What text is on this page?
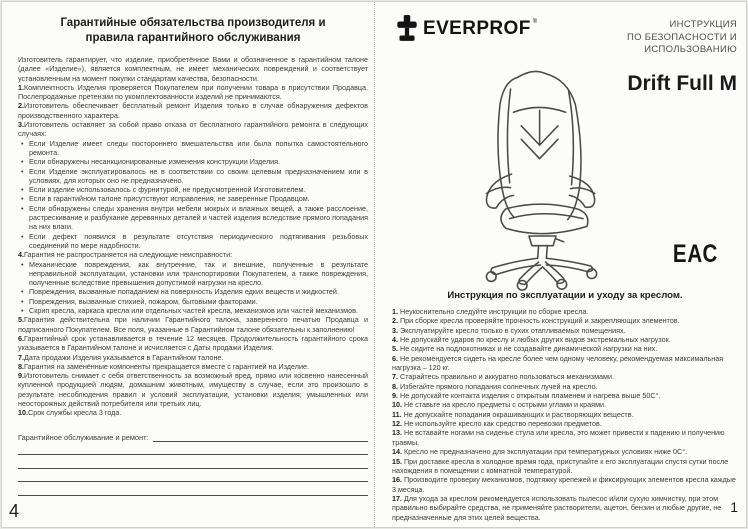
Гарантийные обязательства производителя и
правила гарантийного обслуживания
Изготовитель гарантирует, что изделие, приобретённое Вами и обозначенное в гарантийном талоне (далее «Изделие»), является комплектным, не имеет механических повреждений и соответствует установленным на момент покупки стандартам качества, безопасности.
1.Комплектность Изделия проверяется Покупателем при получении товара в присутствии Продавца. Послепродажные претензии по укомплектованности изделий не принимаются.
2.Изготовитель обеспечивает бесплатный ремонт Изделия только в случае обнаружения дефектов производственного характера.
3.Изготовитель оставляет за собой право отказа от бесплатного гарантийного ремонта в следующих случаях:
• Если Изделие имеет следы постороннего вмешательства или была попытка самостоятельного ремонта.
• Если обнаружены несанкционированные изменения конструкции Изделия.
• Если Изделие эксплуатировалось не в соответствии со своим целевым предназначением или в условиях, для которых оно не предназначено.
• Если изделие использовалось с фурнитурой, не предусмотренной Изготовителем.
• Если в гарантийном талоне присутствуют исправления, не заверенные Продавцом.
• Если обнаружены следы хранения внутри мебели мокрых и влажных вещей, а также расслоение, растрескивание и разбухание деревянных деталей и частей изделия вследствие прямого попадания на них влаги.
• Если дефект появился в результате отсутствия периодического подтягивания резьбовых соединений по мере надобности.
4.Гарантия не распространяется на следующие неисправности:
• Механические повреждения, как внутренние, так и внешние, полученные в результате неправильной эксплуатации, установки или транспортировки Покупателем, а также повреждения, полученные вследствие превышения допустимой нагрузки на кресло.
• Повреждения, вызванные попаданием на поверхность Изделия едких веществ и жидкостей.
• Повреждения, вызванные стихией, пожаром, бытовыми факторами.
• Скрип кресла, каркаса кресла или отдельных частей кресла, механизмов или частей механизмов.
5.Гарантия действительна при наличии Гарантийного талона, заверенного печатью Продавца и подписанного Покупателем. Все поля, указанные в Гарантийном талоне обязательны к заполнению!
6.Гарантийный срок устанавливается в течение 12 месяцев. Продолжительность гарантийного срока указывается в Гарантийном талоне и исчисляется с Даты продажи Изделия.
7.Дата продажи Изделия указывается в Гарантийном талоне.
8.Гарантия на заменённые компоненты прекращается вместе с гарантией на Изделие.
9.Изготовитель снимает с себя ответственность за возможный вред, прямо или косвенно нанесенный купленной продукцией людям, домашним животным, имуществу в случае, если это произошло в результате несоблюдения правил и условий эксплуатации, установки изделия; умышленных или неосторожных действий потребителя или третьих лиц.
10.Срок службы кресла 3 года.
Гарантийное обслуживание и ремонт:
4
EVERPROF ®	ИНСТРУКЦИЯ
ПО БЕЗОПАСНОСТИ И
ИСПОЛЬЗОВАНИЮ
Drift Full M
ЕАС
Инструкция по эксплуатации и уходу за креслом.
1. Неукоснительно следуйте инструкции по сборке кресла.
2. При сборке кресла проверяйте прочность конструкций и закрепляющих элементов.
3. Эксплуатируйте кресло только в сухих отапливаемых помещениях.
4. Не допускайте ударов по креслу и любых других видов экстремальных нагрузок.
5. Не сидите на подлокотниках и не создавайте динамической нагрузки на них.
6. Не рекомендуется сидеть на кресле более чем одному человеку, рекомендуемая максимальная нагрузка – 120 кг.
7. Старайтесь правильно и аккуратно пользоваться механизмами.
8. Избегайте прямого попадания солнечных лучей на кресло.
9. Не допускайте контакта изделия с открытым пламенем и нагрева выше 50С°.
10. Не ставьте на кресло предметы с острыми углами и краями.
11. Не допускайте попадания окрашивающих и растворяющих веществ.
12. Не используйте кресло как средство перевозки предметов.
13. Не вставайте ногами на сиденье стула или кресла, это может привести к падению и получению травмы.
14. Кресло не предназначено для эксплуатации при температурных условиях ниже 0С°.
15. При доставке кресла в холодное время года, приступайте к его эксплуатации спустя сутки после нахождения в помещении с комнатной температурой.
16. Производите проверку механизмов, подтяжку крепежей и фиксирующих элементов кресла каждые 3 месяца.
17. Для ухода за креслом рекомендуется использовать пылесос и/или сухую химчистку, при этом правильно выбирайте средства, не применяйте растворители, ацетон, бензин и любые другие, не предназначенные для этих целей вещества.
1
